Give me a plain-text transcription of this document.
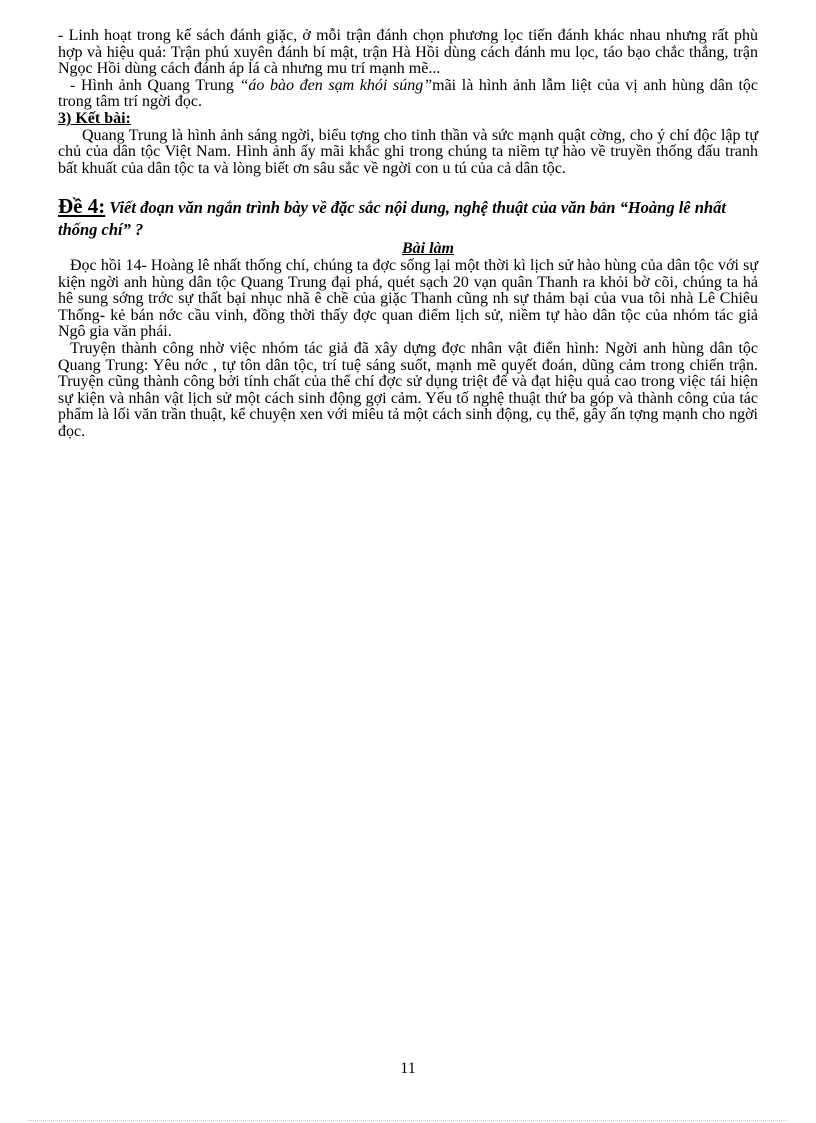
- Linh hoạt trong kế sách đánh giặc, ở mỗi trận đánh chọn phương lọc tiến đánh khác nhau nhưng rất phù hợp và hiệu quả: Trận phú xuyên đánh bí mật, trận Hà Hồi dùng cách đánh mu lọc, táo bạo chắc thắng, trận Ngọc Hồi dùng cách đánh áp lá cà nhưng mu trí mạnh mẽ...

- Hình ảnh Quang Trung “áo bào đen sạm khói súng”mãi là hình ảnh lẫm liệt của vị anh hùng dân tộc trong tâm trí ngời đọc.

3) Kết bài:

Quang Trung là hình ảnh sáng ngời, biểu tợng cho tinh thần và sức mạnh quật cờng, cho ý chí độc lập tự chủ của dân tộc Việt Nam. Hình ảnh ấy mãi khắc ghi trong chúng ta niềm tự hào về truyền thống đấu tranh bất khuất của dân tộc ta và lòng biết ơn sâu sắc về ngời con u tú của cả dân tộc.

Đề 4: Viết đoạn văn ngắn trình bày về đặc sắc nội dung, nghệ thuật của văn bản “Hoàng lê nhất thống chí” ?

Bài làm

Đọc hồi 14- Hoàng lê nhất thống chí, chúng ta đợc sống lại một thời kì lịch sử hào hùng của dân tộc với sự kiện ngời anh hùng dân tộc Quang Trung đại phá, quét sạch 20 vạn quân Thanh ra khỏi bờ cõi, chúng ta hả hê sung sớng trớc sự thất bại nhục nhã ê chề của giặc Thanh cũng nh sự thảm bại của vua tôi nhà Lê Chiêu Thống- kẻ bán nớc cầu vinh, đồng thời thấy đợc quan điểm lịch sử, niềm tự hào dân tộc của nhóm tác giả Ngô gia văn phái.

Truyện thành công nhờ việc nhóm tác giả đã xây dựng đợc nhân vật điển hình: Ngời anh hùng dân tộc Quang Trung: Yêu nớc , tự tôn dân tộc, trí tuệ sáng suốt, mạnh mẽ quyết đoán, dũng cảm trong chiến trận. Truyện cũng thành công bởi tính chất của thể chí đợc sử dụng triệt để và đạt hiệu quả cao trong việc tái hiện sự kiện và nhân vật lịch sử một cách sinh động gợi cảm. Yếu tố nghệ thuật thứ ba góp và thành công của tác phẩm là lối văn trần thuật, kể chuyện xen với miêu tả một cách sinh động, cụ thể, gây ấn tợng mạnh cho ngời đọc.

11
